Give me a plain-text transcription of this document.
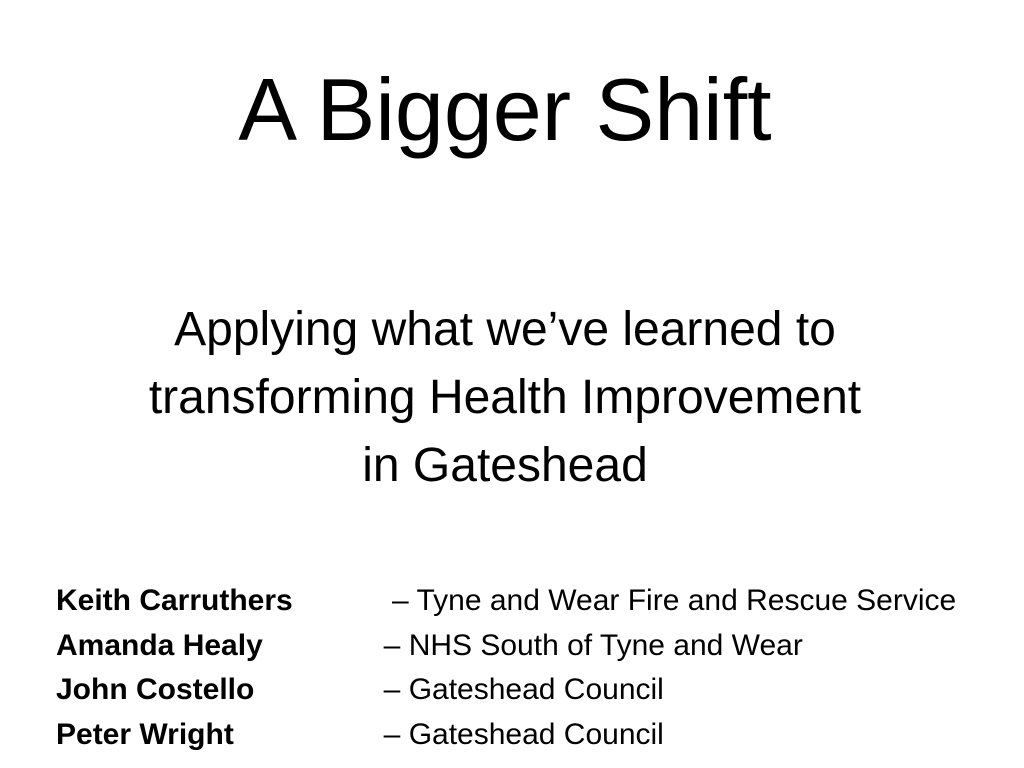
A Bigger Shift
Applying what we’ve learned to
transforming Health Improvement
in Gateshead
Keith Carruthers	– Tyne and Wear Fire and Rescue Service
Amanda Healy	– NHS South of Tyne and Wear
John Costello	– Gateshead Council
Peter Wright	– Gateshead Council
